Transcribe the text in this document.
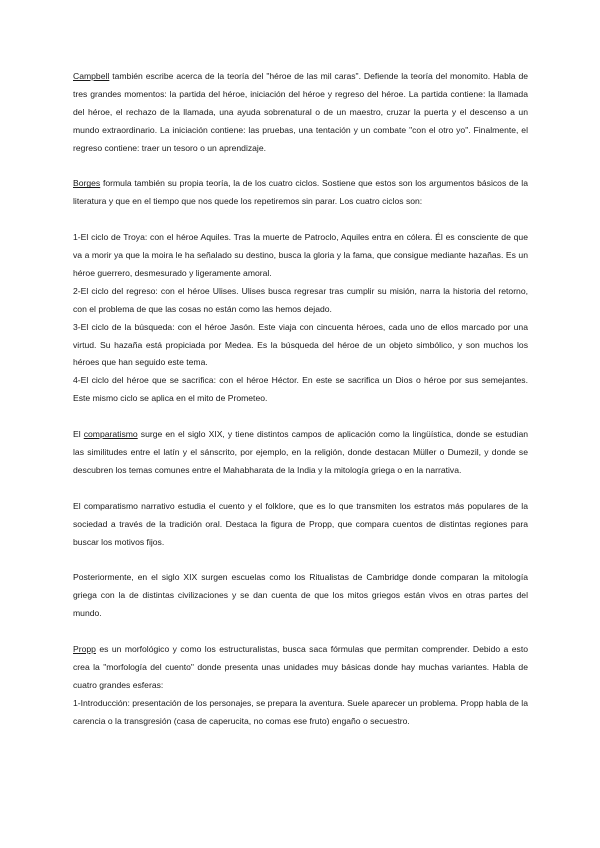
Campbell también escribe acerca de la teoría del "héroe de las mil caras". Defiende la teoría del monomito. Habla de tres grandes momentos: la partida del héroe, iniciación del héroe y regreso del héroe. La partida contiene: la llamada del héroe, el rechazo de la llamada, una ayuda sobrenatural o de un maestro, cruzar la puerta y el descenso a un mundo extraordinario. La iniciación contiene: las pruebas, una tentación y un combate "con el otro yo". Finalmente, el regreso contiene: traer un tesoro o un aprendizaje.

Borges formula también su propia teoría, la de los cuatro ciclos. Sostiene que estos son los argumentos básicos de la literatura y que en el tiempo que nos quede los repetiremos sin parar. Los cuatro ciclos son:

1-El ciclo de Troya: con el héroe Aquiles. Tras la muerte de Patroclo, Aquiles entra en cólera. Él es consciente de que va a morir ya que la moira le ha señalado su destino, busca la gloria y la fama, que consigue mediante hazañas. Es un héroe guerrero, desmesurado y ligeramente amoral.

2-El ciclo del regreso: con el héroe Ulises. Ulises busca regresar tras cumplir su misión, narra la historia del retorno, con el problema de que las cosas no están como las hemos dejado.

3-El ciclo de la búsqueda: con el héroe Jasón. Este viaja con cincuenta héroes, cada uno de ellos marcado por una virtud. Su hazaña está propiciada por Medea. Es la búsqueda del héroe de un objeto simbólico, y son muchos los héroes que han seguido este tema.

4-El ciclo del héroe que se sacrifica: con el héroe Héctor. En este se sacrifica un Dios o héroe por sus semejantes. Este mismo ciclo se aplica en el mito de Prometeo.

El comparatismo surge en el siglo XIX, y tiene distintos campos de aplicación como la lingüística, donde se estudian las similitudes entre el latín y el sánscrito, por ejemplo, en la religión, donde destacan Müller o Dumezil, y donde se descubren los temas comunes entre el Mahabharata de la India y la mitología griega o en la narrativa.

El comparatismo narrativo estudia el cuento y el folklore, que es lo que transmiten los estratos más populares de la sociedad a través de la tradición oral. Destaca la figura de Propp, que compara cuentos de distintas regiones para buscar los motivos fijos.

Posteriormente, en el siglo XIX surgen escuelas como los Ritualistas de Cambridge donde comparan la mitología griega con la de distintas civilizaciones y se dan cuenta de que los mitos griegos están vivos en otras partes del mundo.

Propp es un morfológico y como los estructuralistas, busca saca fórmulas que permitan comprender. Debido a esto crea la "morfología del cuento" donde presenta unas unidades muy básicas donde hay muchas variantes. Habla de cuatro grandes esferas:

1-Introducción: presentación de los personajes, se prepara la aventura. Suele aparecer un problema. Propp habla de la carencia o la transgresión (casa de caperucita, no comas ese fruto) engaño o secuestro.
